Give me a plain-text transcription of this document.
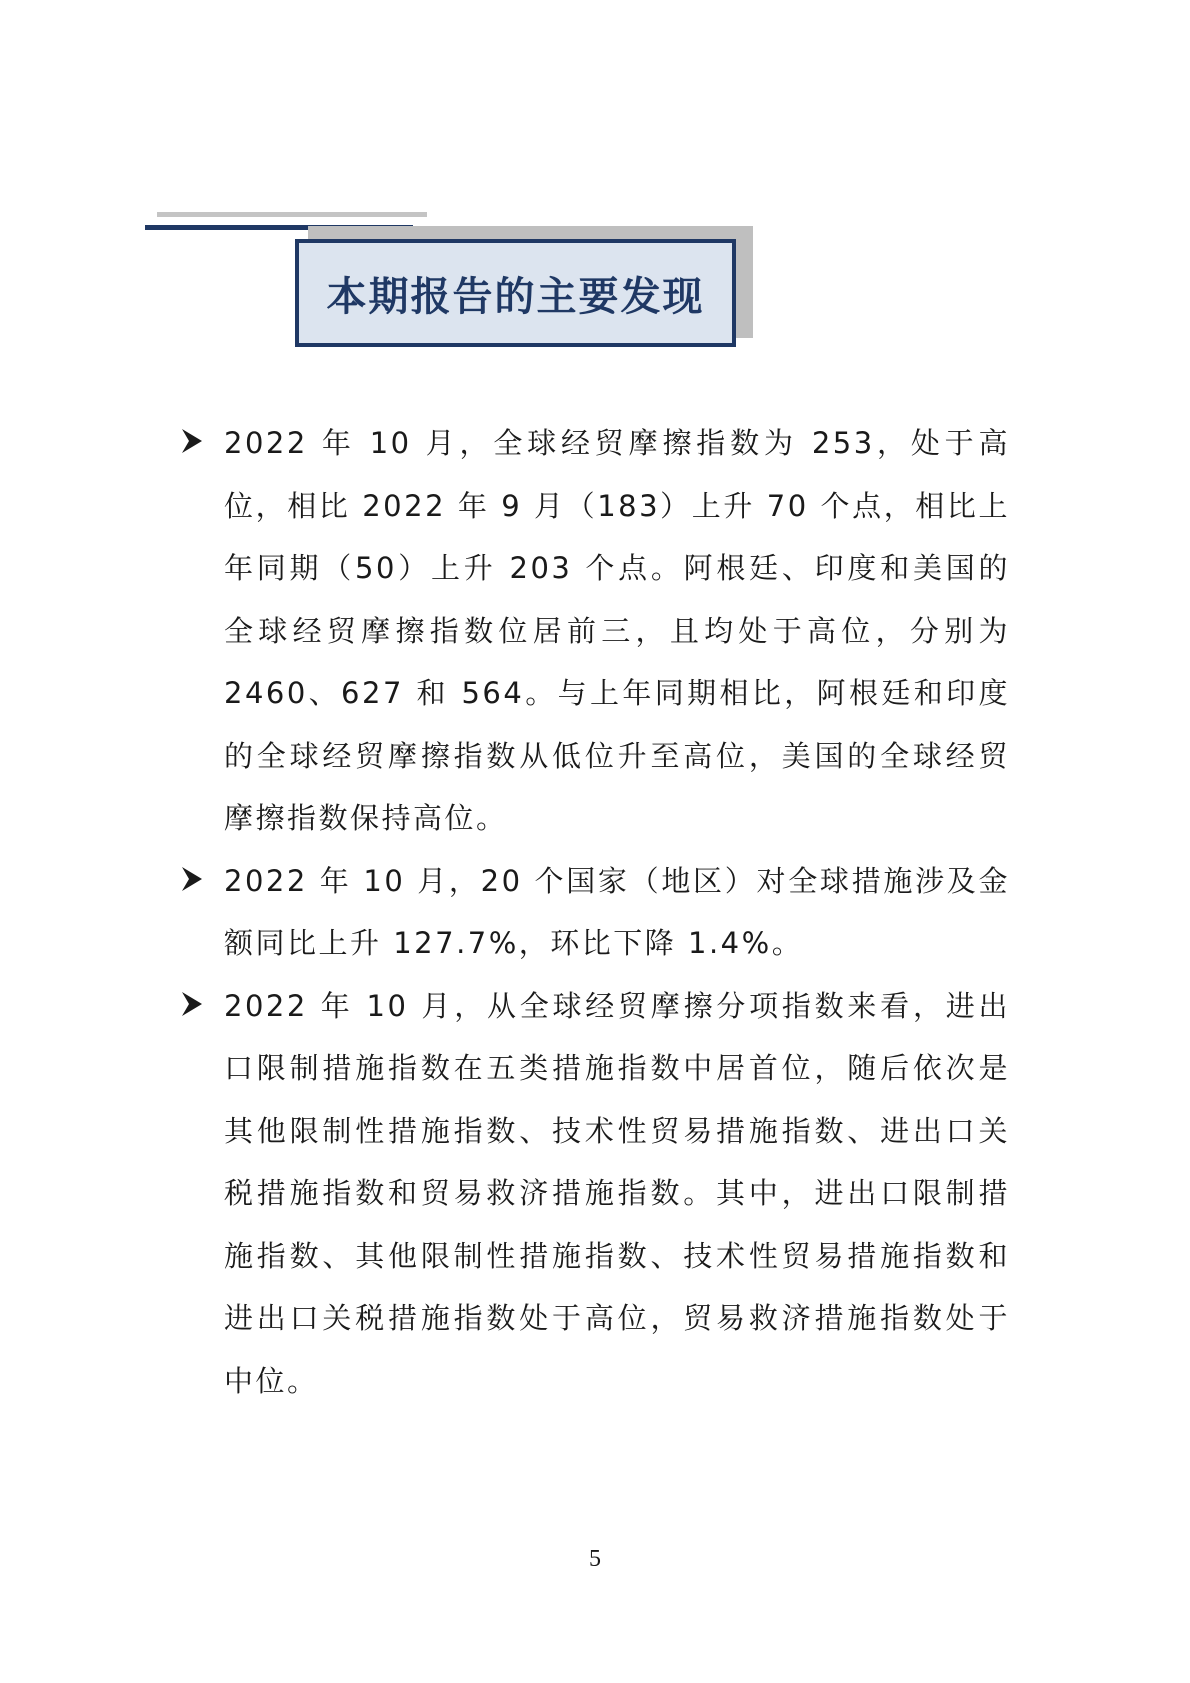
本期报告的主要发现
2022 年 10 月，全球经贸摩擦指数为 253，处于高位，相比 2022 年 9 月（183）上升 70 个点，相比上年同期（50）上升 203 个点。阿根廷、印度和美国的全球经贸摩擦指数位居前三，且均处于高位，分别为 2460、627 和 564。与上年同期相比，阿根廷和印度的全球经贸摩擦指数从低位升至高位，美国的全球经贸摩擦指数保持高位。
2022 年 10 月，20 个国家（地区）对全球措施涉及金额同比上升 127.7%，环比下降 1.4%。
2022 年 10 月，从全球经贸摩擦分项指数来看，进出口限制措施指数在五类措施指数中居首位，随后依次是其他限制性措施指数、技术性贸易措施指数、进出口关税措施指数和贸易救济措施指数。其中，进出口限制措施指数、其他限制性措施指数、技术性贸易措施指数和进出口关税措施指数处于高位，贸易救济措施指数处于中位。
5
